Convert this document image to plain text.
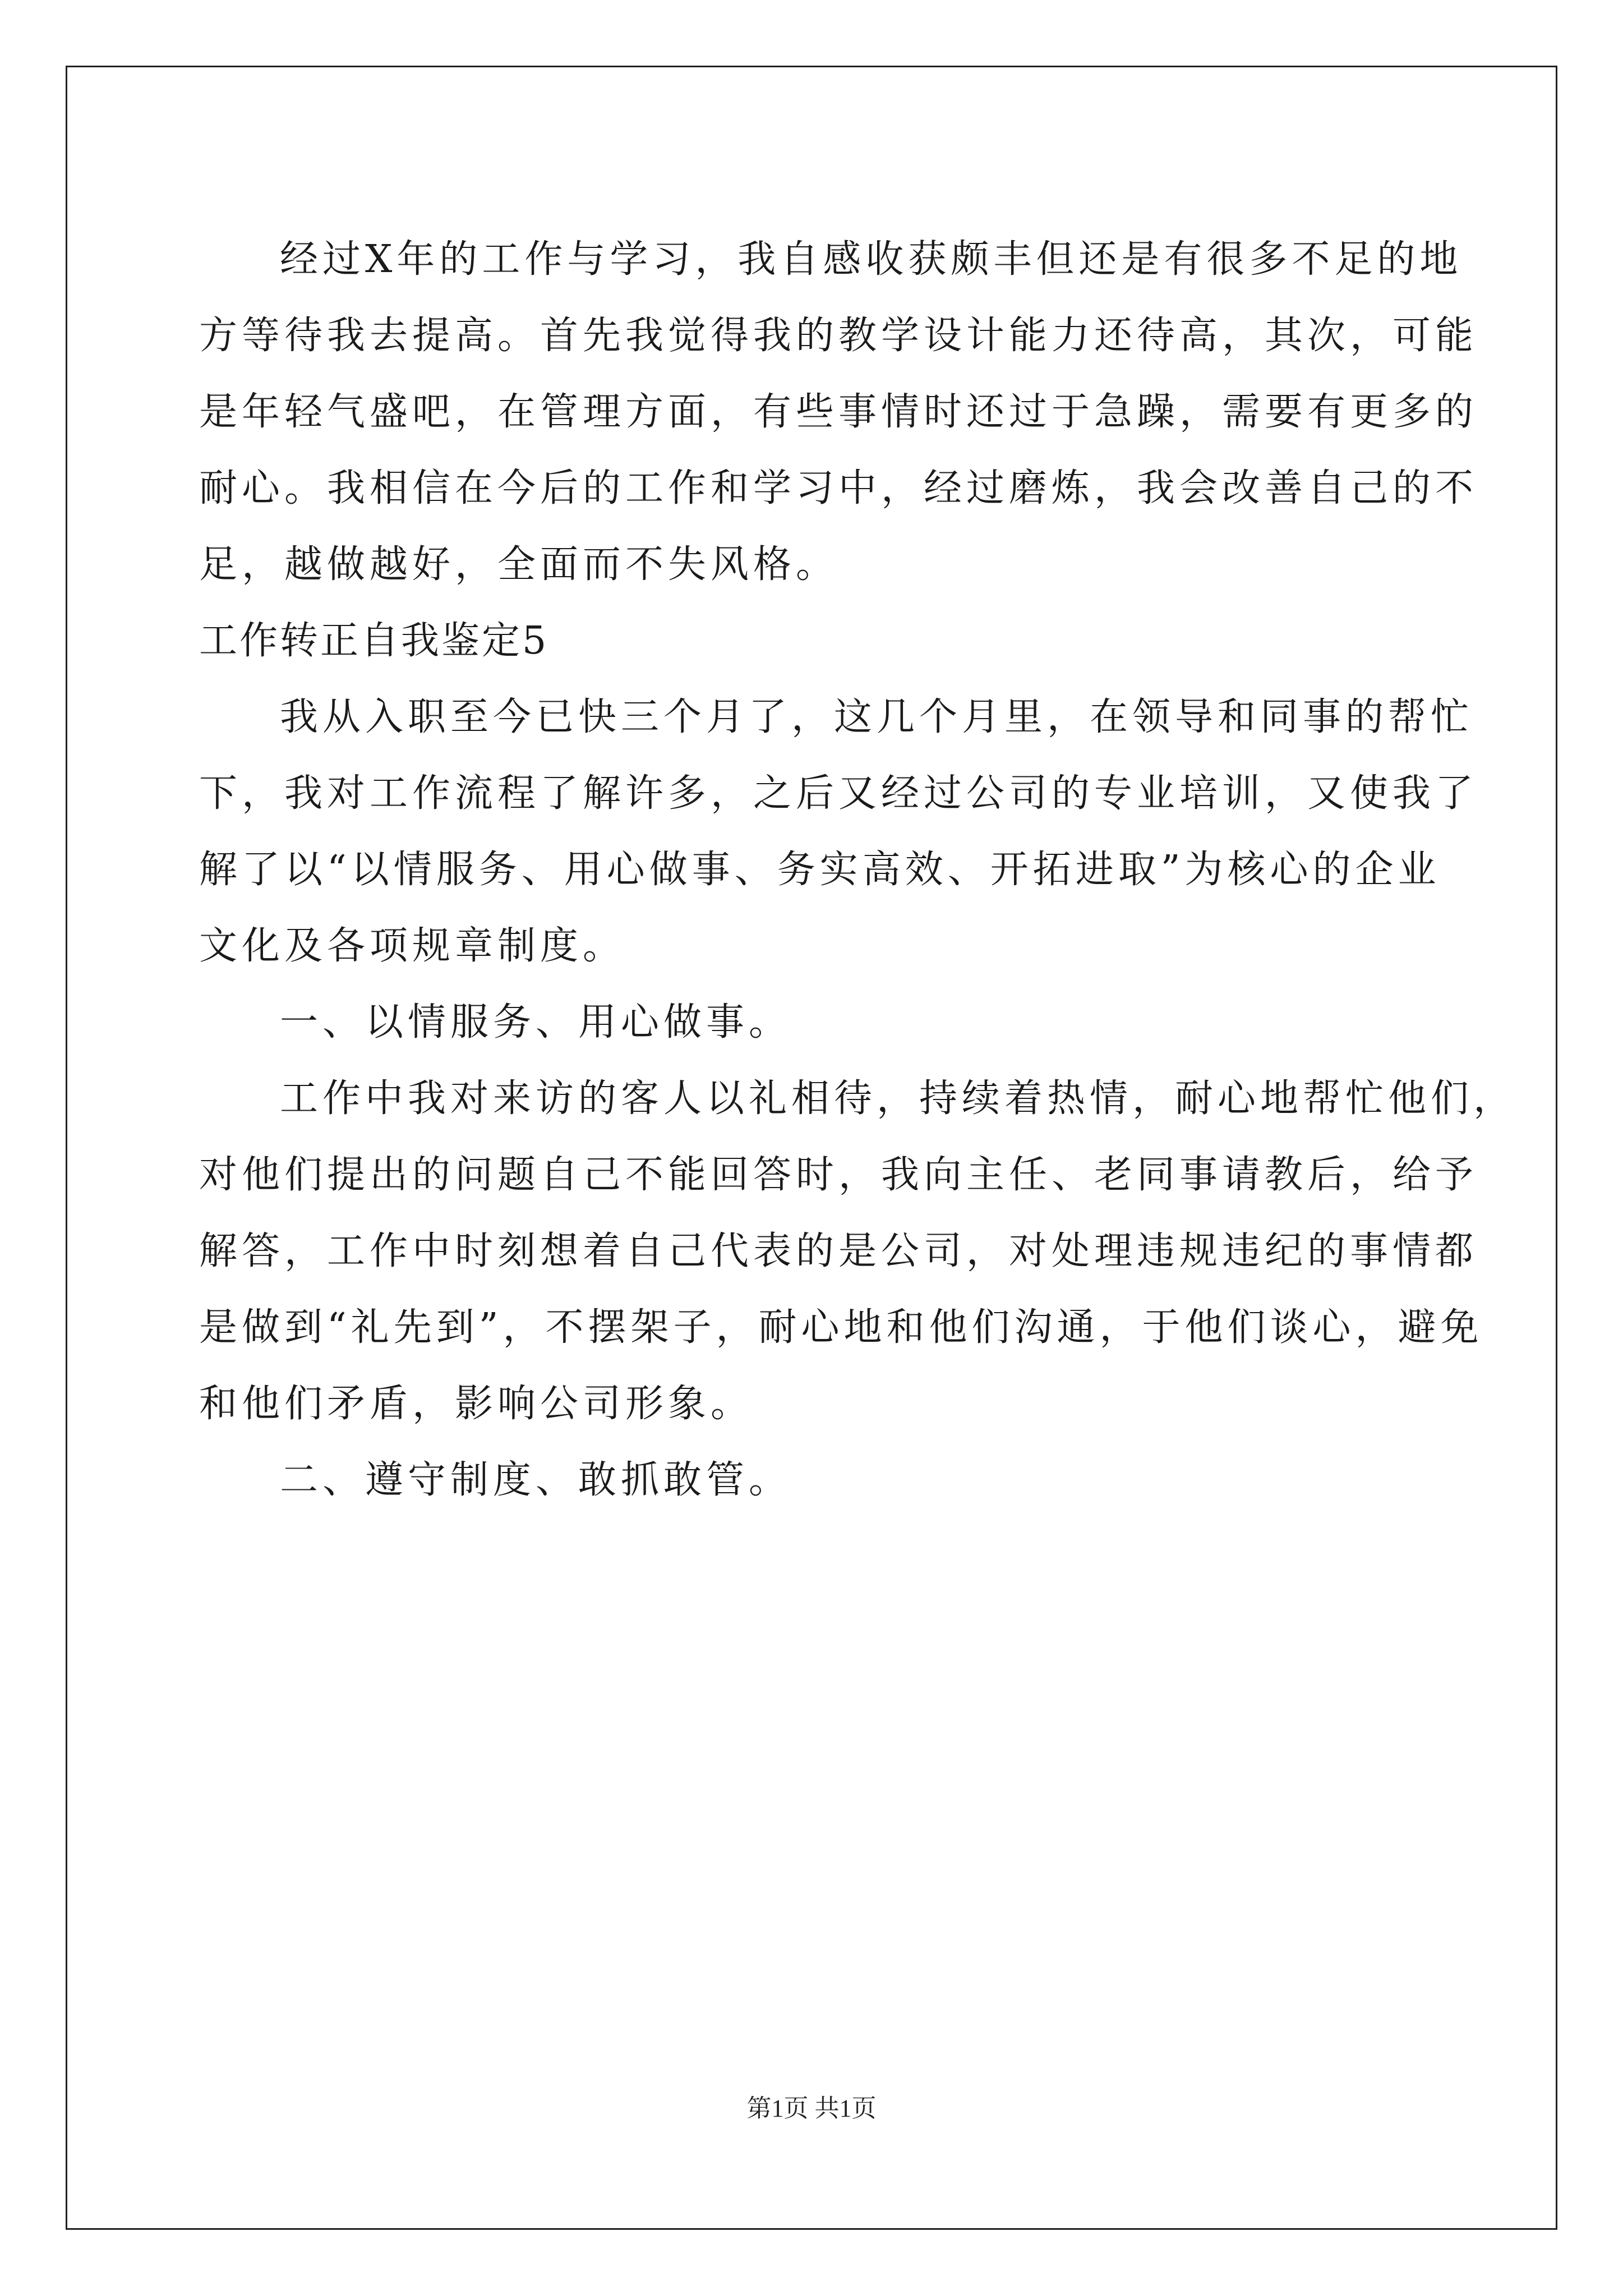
经过X年的工作与学习，我自感收获颇丰但还是有很多不足的地
方等待我去提高。首先我觉得我的教学设计能力还待高，其次，可能
是年轻气盛吧，在管理方面，有些事情时还过于急躁，需要有更多的
耐心。我相信在今后的工作和学习中，经过磨炼，我会改善自己的不
足，越做越好，全面而不失风格。
工作转正自我鉴定5
我从入职至今已快三个月了，这几个月里，在领导和同事的帮忙
下，我对工作流程了解许多，之后又经过公司的专业培训，又使我了
解了以“以情服务、用心做事、务实高效、开拓进取”为核心的企业
文化及各项规章制度。
一、以情服务、用心做事。
工作中我对来访的客人以礼相待，持续着热情，耐心地帮忙他们，
对他们提出的问题自己不能回答时，我向主任、老同事请教后，给予
解答，工作中时刻想着自己代表的是公司，对处理违规违纪的事情都
是做到“礼先到”，不摆架子，耐心地和他们沟通，于他们谈心，避免
和他们矛盾，影响公司形象。
二、遵守制度、敢抓敢管。
第1页 共1页
